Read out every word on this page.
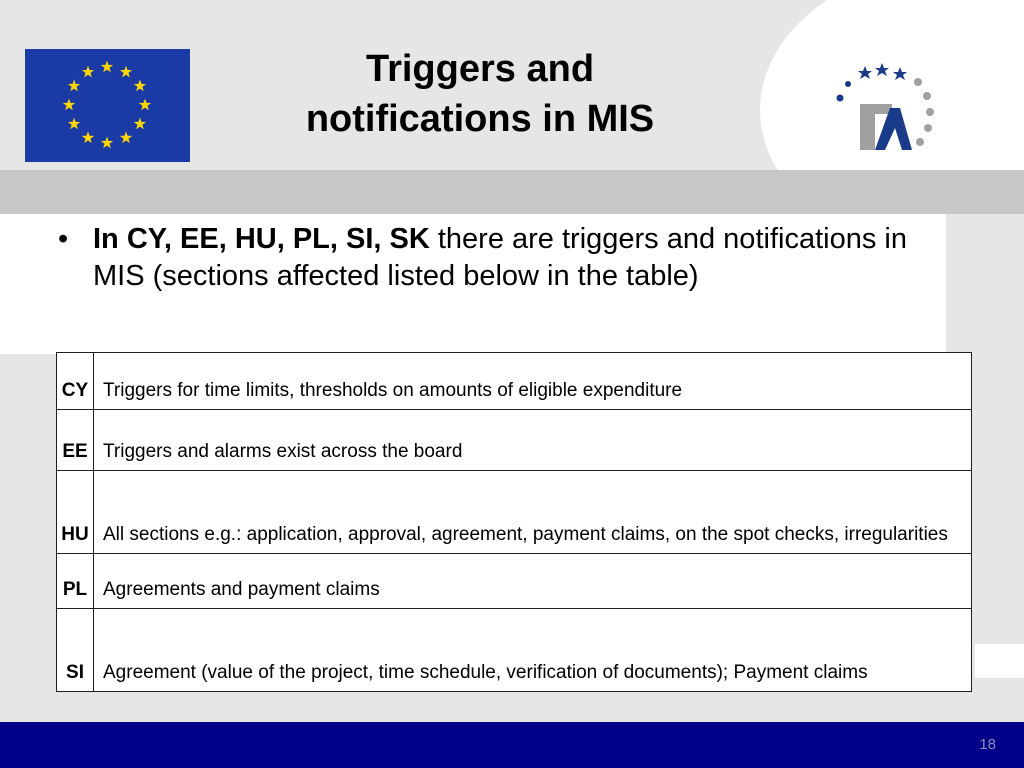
Triggers and
notifications in MIS
• In CY, EE, HU, PL, SI, SK there are triggers and notifications in MIS (sections affected listed below in the table)
CY	Triggers for time limits, thresholds on amounts of eligible expenditure
EE	Triggers and alarms exist across the board
HU	All sections e.g.: application, approval, agreement, payment claims, on the spot checks, irregularities
PL	Agreements and payment claims
SI	Agreement (value of the project, time schedule, verification of documents); Payment claims
18
